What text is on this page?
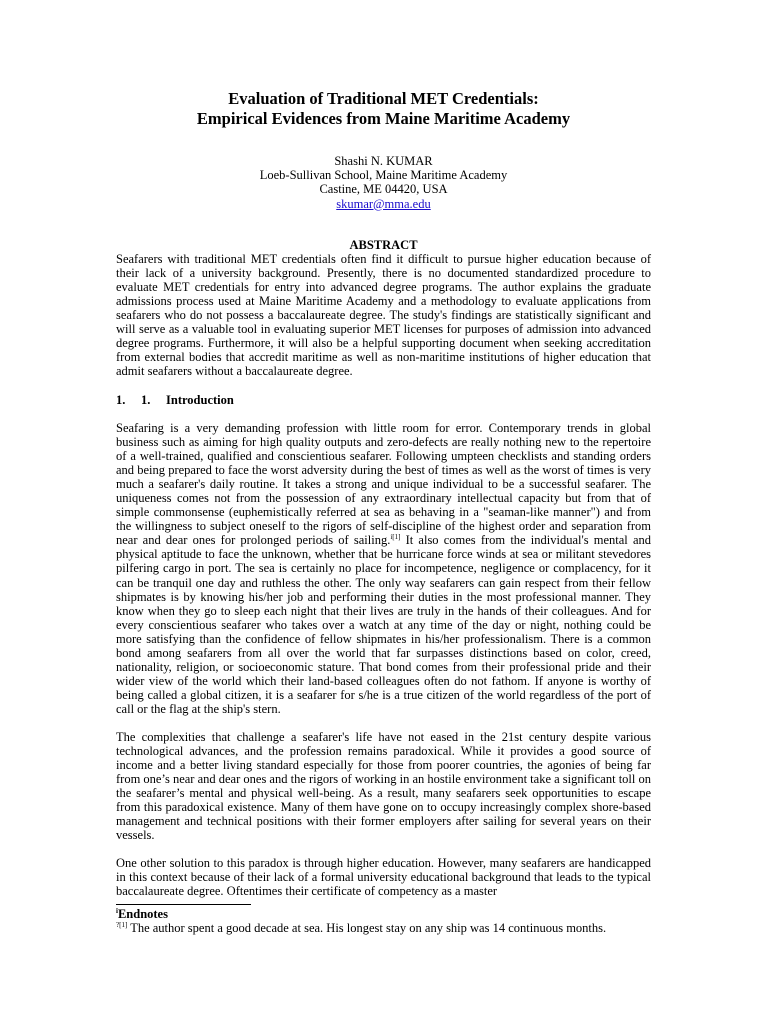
Evaluation of Traditional MET Credentials:
Empirical Evidences from Maine Maritime Academy
Shashi N. KUMAR
Loeb-Sullivan School, Maine Maritime Academy
Castine, ME 04420, USA
skumar@mma.edu
ABSTRACT
Seafarers with traditional MET credentials often find it difficult to pursue higher education because of their lack of a university background. Presently, there is no documented standardized procedure to evaluate MET credentials for entry into advanced degree programs. The author explains the graduate admissions process used at Maine Maritime Academy and a methodology to evaluate applications from seafarers who do not possess a baccalaureate degree. The study's findings are statistically significant and will serve as a valuable tool in evaluating superior MET licenses for purposes of admission into advanced degree programs. Furthermore, it will also be a helpful supporting document when seeking accreditation from external bodies that accredit maritime as well as non-maritime institutions of higher education that admit seafarers without a baccalaureate degree.
1. 1. Introduction
Seafaring is a very demanding profession with little room for error. Contemporary trends in global business such as aiming for high quality outputs and zero-defects are really nothing new to the repertoire of a well-trained, qualified and conscientious seafarer. Following umpteen checklists and standing orders and being prepared to face the worst adversity during the best of times as well as the worst of times is very much a seafarer's daily routine. It takes a strong and unique individual to be a successful seafarer. The uniqueness comes not from the possession of any extraordinary intellectual capacity but from that of simple commonsense (euphemistically referred at sea as behaving in a "seaman-like manner") and from the willingness to subject oneself to the rigors of self-discipline of the highest order and separation from near and dear ones for prolonged periods of sailing.$^{i[1]}$ It also comes from the individual's mental and physical aptitude to face the unknown, whether that be hurricane force winds at sea or militant stevedores pilfering cargo in port. The sea is certainly no place for incompetence, negligence or complacency, for it can be tranquil one day and ruthless the other. The only way seafarers can gain respect from their fellow shipmates is by knowing his/her job and performing their duties in the most professional manner. They know when they go to sleep each night that their lives are truly in the hands of their colleagues. And for every conscientious seafarer who takes over a watch at any time of the day or night, nothing could be more satisfying than the confidence of fellow shipmates in his/her professionalism. There is a common bond among seafarers from all over the world that far surpasses distinctions based on color, creed, nationality, religion, or socioeconomic stature. That bond comes from their professional pride and their wider view of the world which their land-based colleagues often do not fathom. If anyone is worthy of being called a global citizen, it is a seafarer for s/he is a true citizen of the world regardless of the port of call or the flag at the ship's stern.
The complexities that challenge a seafarer's life have not eased in the 21st century despite various technological advances, and the profession remains paradoxical. While it provides a good source of income and a better living standard especially for those from poorer countries, the agonies of being far from one’s near and dear ones and the rigors of working in an hostile environment take a significant toll on the seafarer’s mental and physical well-being. As a result, many seafarers seek opportunities to escape from this paradoxical existence. Many of them have gone on to occupy increasingly complex shore-based management and technical positions with their former employers after sailing for several years on their vessels.
One other solution to this paradox is through higher education. However, many seafarers are handicapped in this context because of their lack of a formal university educational background that leads to the typical baccalaureate degree. Oftentimes their certificate of competency as a master
$^i$Endnotes
$^{?[1]}$ The author spent a good decade at sea. His longest stay on any ship was 14 continuous months.
